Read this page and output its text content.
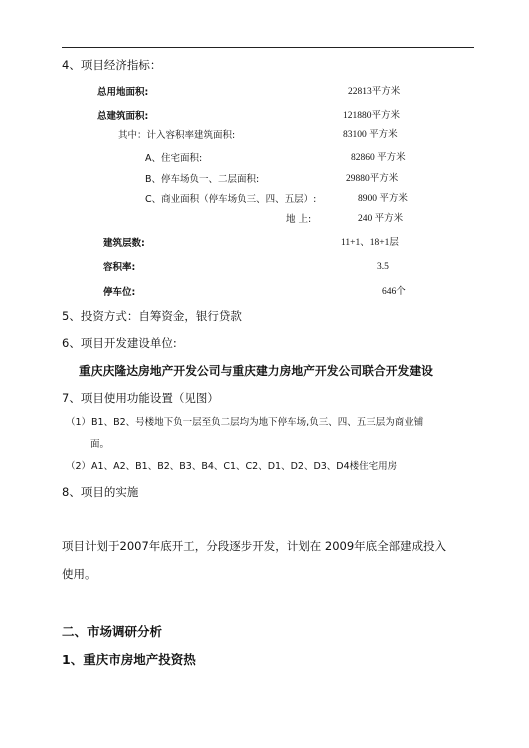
4、项目经济指标：
总用地面积:	22813平方米
总建筑面积:	121880平方米
其中：计入容积率建筑面积:	83100 平方米
A、住宅面积:	82860 平方米
B、停车场负一、二层面积:	29880平方米
C、商业面积（停车场负三、四、五层）:	8900 平方米
地 上:	240 平方米
建筑层数:	11+1、18+1层
容积率:	3.5
停车位:	646个
5、投资方式：自筹资金，银行贷款
6、项目开发建设单位:
重庆庆隆达房地产开发公司与重庆建力房地产开发公司联合开发建设
7、项目使用功能设置（见图）
（1）B1、B2、号楼地下负一层至负二层均为地下停车场,负三、四、五三层为商业铺
面。
（2）A1、A2、B1、B2、B3、B4、C1、C2、D1、D2、D3、D4楼住宅用房
8、项目的实施
项目计划于2007年底开工，分段逐步开发，计划在 2009年底全部建成投入
使用。
二、市场调研分析
1、重庆市房地产投资热
